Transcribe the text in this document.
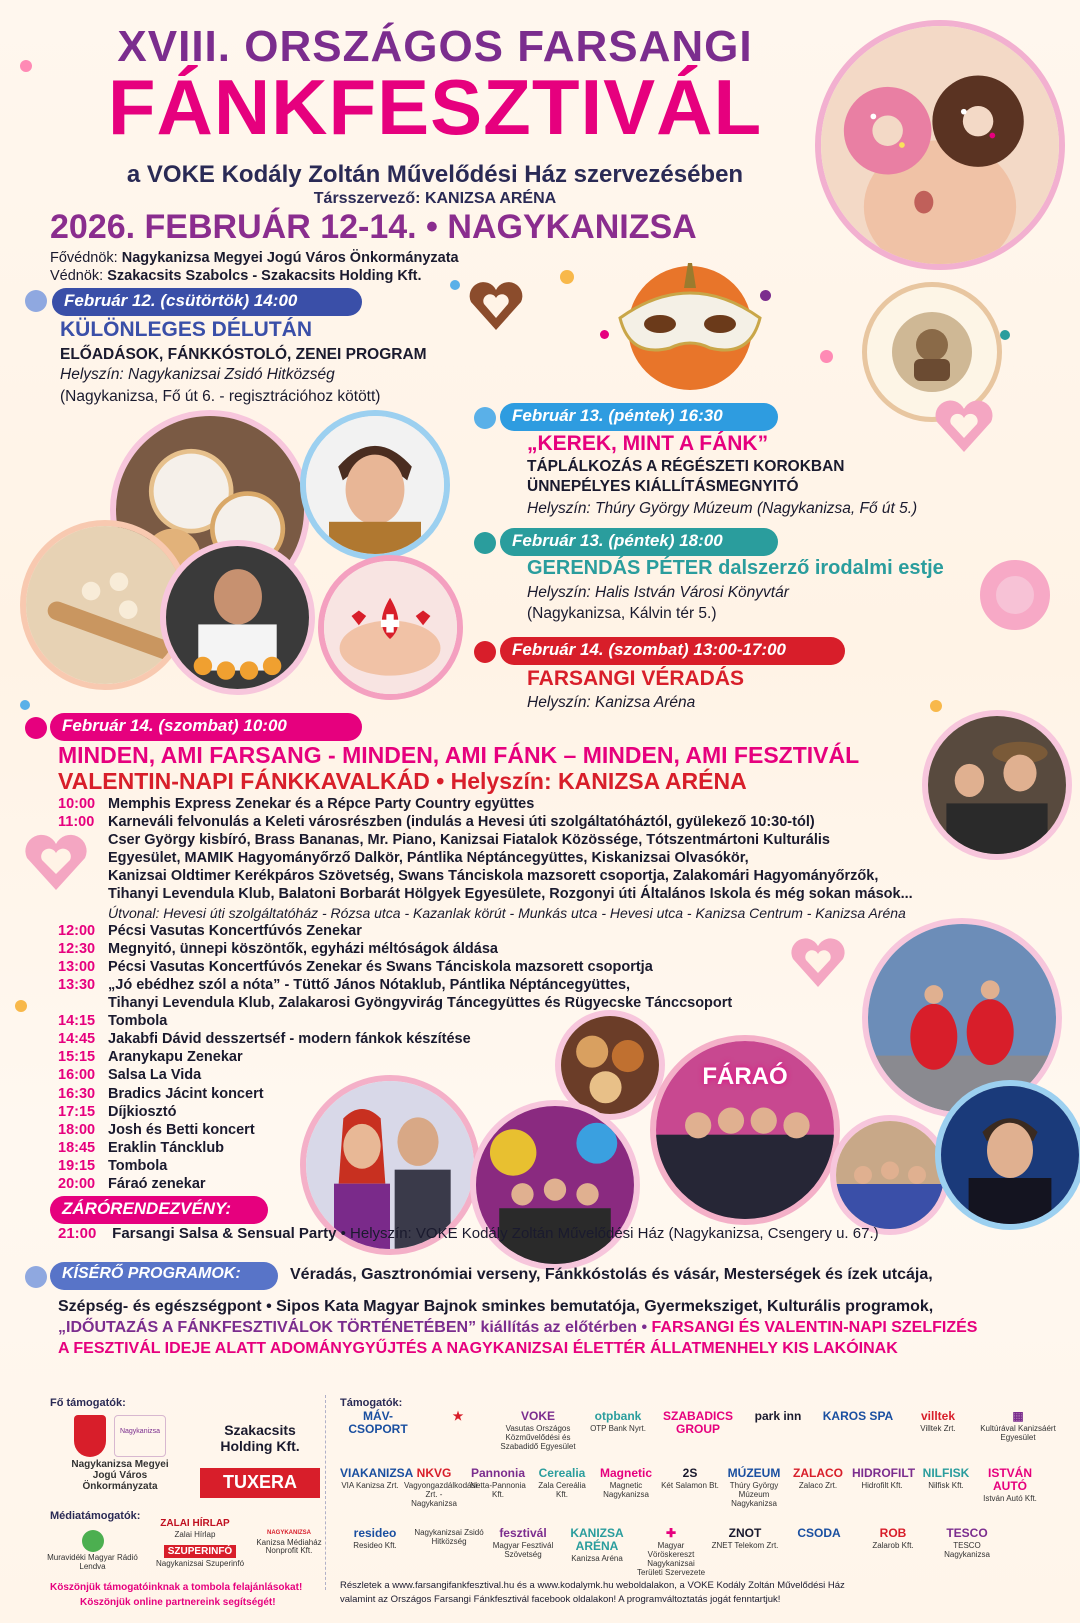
XVIII. ORSZÁGOS FARSANGI
FÁNKFESZTIVÁL
a VOKE Kodály Zoltán Művelődési Ház szervezésében
Társszervező: KANIZSA ARÉNA
2026. FEBRUÁR 12-14. • NAGYKANIZSA
Fővédnök: Nagykanizsa Megyei Jogú Város Önkormányzata
Védnök: Szakacsits Szabolcs - Szakacsits Holding Kft.
Február 12. (csütörtök) 14:00
KÜLÖNLEGES DÉLUTÁN
ELŐADÁSOK, FÁNKKÓSTOLÓ, ZENEI PROGRAM
Helyszín: Nagykanizsai Zsidó Hitközség
(Nagykanizsa, Fő út 6. - regisztrációhoz kötött)
Február 13. (péntek) 16:30
„KEREK, MINT A FÁNK”
TÁPLÁLKOZÁS A RÉGÉSZETI KOROKBAN
ÜNNEPÉLYES KIÁLLÍTÁSMEGNYITÓ
Helyszín: Thúry György Múzeum (Nagykanizsa, Fő út 5.)
Február 13. (péntek) 18:00
GERENDÁS PÉTER dalszerző irodalmi estje
Helyszín: Halis István Városi Könyvtár
(Nagykanizsa, Kálvin tér 5.)
Február 14. (szombat) 13:00-17:00
FARSANGI VÉRADÁS
Helyszín: Kanizsa Aréna
Február 14. (szombat) 10:00
MINDEN, AMI FARSANG - MINDEN, AMI FÁNK – MINDEN, AMI FESZTIVÁL
VALENTIN-NAPI FÁNKKAVALKÁD • Helyszín: KANIZSA ARÉNA
10:00 Memphis Express Zenekar és a Répce Party Country együttes
11:00 Karneváli felvonulás a Keleti városrészben (indulás a Hevesi úti szolgáltatóháztól, gyülekező 10:30-tól)
Cser György kisbíró, Brass Bananas, Mr. Piano, Kanizsai Fiatalok Közössége, Tótszentmártoni Kulturális
Egyesület, MAMIK Hagyományőrző Dalkör, Pántlika Néptáncegyüttes, Kiskanizsai Olvasókör,
Kanizsai Oldtimer Kerékpáros Szövetség, Swans Tánciskola mazsorett csoportja, Zalakomári Hagyományőrzők,
Tihanyi Levendula Klub, Balatoni Borbarát Hölgyek Egyesülete, Rozgonyi úti Általános Iskola és még sokan mások...
Útvonal: Hevesi úti szolgáltatóház - Rózsa utca - Kazanlak körút - Munkás utca - Hevesi utca - Kanizsa Centrum - Kanizsa Aréna
12:00 Pécsi Vasutas Koncertfúvós Zenekar
12:30 Megnyitó, ünnepi köszöntők, egyházi méltóságok áldása
13:00 Pécsi Vasutas Koncertfúvós Zenekar és Swans Tánciskola mazsorett csoportja
13:30 „Jó ebédhez szól a nóta” - Tüttő János Nótaklub, Pántlika Néptáncegyüttes,
Tihanyi Levendula Klub, Zalakarosi Gyöngyvirág Táncegyüttes és Rügyecske Tánccsoport
14:15 Tombola
14:45 Jakabfi Dávid desszertséf - modern fánkok készítése
15:15 Aranykapu Zenekar
16:00 Salsa La Vida
16:30 Bradics Jácint koncert
17:15 Díjkiosztó
18:00 Josh és Betti koncert
18:45 Eraklin Táncklub
19:15 Tombola
20:00 Fáraó zenekar
FÁRAÓ
ZÁRÓRENDEZVÉNY:
21:00 Farsangi Salsa & Sensual Party • Helyszín: VOKE Kodály Zoltán Művelődési Ház (Nagykanizsa, Csengery u. 67.)
KÍSÉRŐ PROGRAMOK:	Véradás, Gasztronómiai verseny, Fánkkóstolás és vásár, Mesterségek és ízek utcája,
Szépség- és egészségpont • Sipos Kata Magyar Bajnok sminkes bemutatója, Gyermeksziget, Kulturális programok,
„IDŐUTAZÁS A FÁNKFESZTIVÁLOK TÖRTÉNETÉBEN” kiállítás az előtérben • FARSANGI ÉS VALENTIN-NAPI SZELFIZÉS
A FESZTIVÁL IDEJE ALATT ADOMÁNYGYŰJTÉS A NAGYKANIZSAI ÉLETTÉR ÁLLATMENHELY KIS LAKÓINAK
Fő támogatók:
Nagykanizsa
Nagykanizsa Megyei Jogú Város Önkormányzata
Szakacsits Holding Kft.
TUXERA
Médiatámogatók:
ZALAI HÍRLAP
Zalai Hírlap
Muravidéki Magyar Rádió
Lendva
SZUPERINFÓ
Nagykanizsai Szuperinfó
NAGYKANIZSA
Kanizsa Médiaház Nonprofit Kft.
Támogatók:
MÁV-CSOPORT
★	VOKE
Vasutas Országos Közművelődési és Szabadidő Egyesület
otpbank
OTP Bank Nyrt.
SZABADICS GROUP
park inn	KAROS SPA	villtek
Villtek Zrt.
▦
Kultúrával Kanizsáért Egyesület
VIAKANIZSA
VIA Kanizsa Zrt.
NKVG
Vagyongazdálkodási Zrt. - Nagykanizsa
Pannonia
Netta-Pannonia Kft.
Cerealia
Zala Cereália Kft.
Magnetic
Magnetic Nagykanizsa
2S
Két Salamon Bt.
MÚZEUM
Thúry György Múzeum Nagykanizsa
ZALACO
Zalaco Zrt.
HIDROFILT
Hidrofilt Kft.
NILFISK
Nilfisk Kft.
ISTVÁN AUTÓ
István Autó Kft.
resideo
Resideo Kft.
Nagykanizsai Zsidó Hitközség
fesztivál
Magyar Fesztivál Szövetség
KANIZSA ARÉNA
Kanizsa Aréna
✚
Magyar Vöröskereszt Nagykanizsai Területi Szervezete
ZNOT
ZNET Telekom Zrt.
CSODA	ROB
Zalarob Kft.
TESCO
TESCO Nagykanizsa
Köszönjük támogatóinknak a tombola felajánlásokat!
Köszönjük online partnereink segítségét!
Részletek a www.farsangifankfesztival.hu és a www.kodalymk.hu weboldalakon, a VOKE Kodály Zoltán Művelődési Ház
valamint az Országos Farsangi Fánkfesztivál facebook oldalakon! A programváltoztatás jogát fenntartjuk!
